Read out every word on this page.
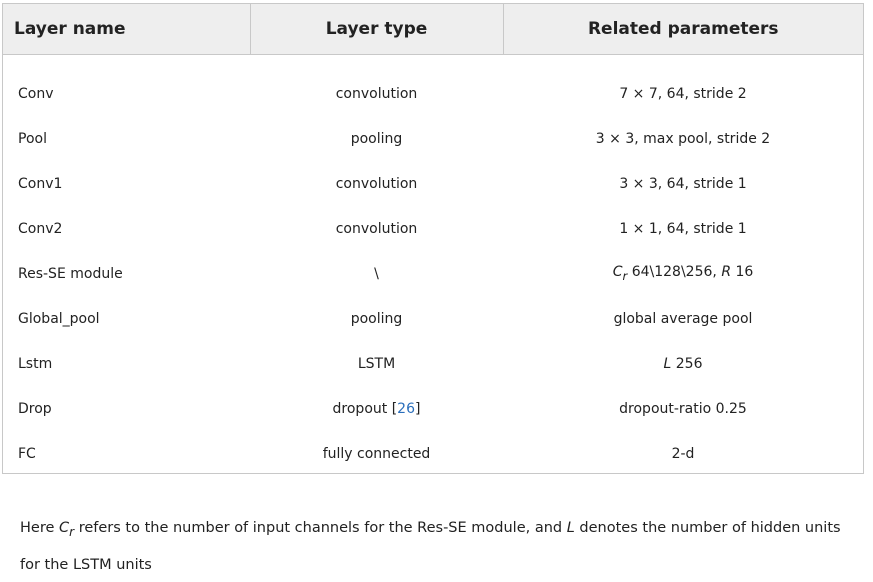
Layer name	Layer type	Related parameters
Conv	convolution	7 × 7, 64, stride 2
Pool	pooling	3 × 3, max pool, stride 2
Conv1	convolution	3 × 3, 64, stride 1
Conv2	convolution	1 × 1, 64, stride 1
Res-SE module	\	$C_r$ 64\128\256, R 16
Global_pool	pooling	global average pool
Lstm	LSTM	L 256
Drop	dropout [26]	dropout-ratio 0.25
FC	fully connected	2-d
Here $C_r$ refers to the number of input channels for the Res-SE module, and L denotes the number of hidden units for the LSTM units
